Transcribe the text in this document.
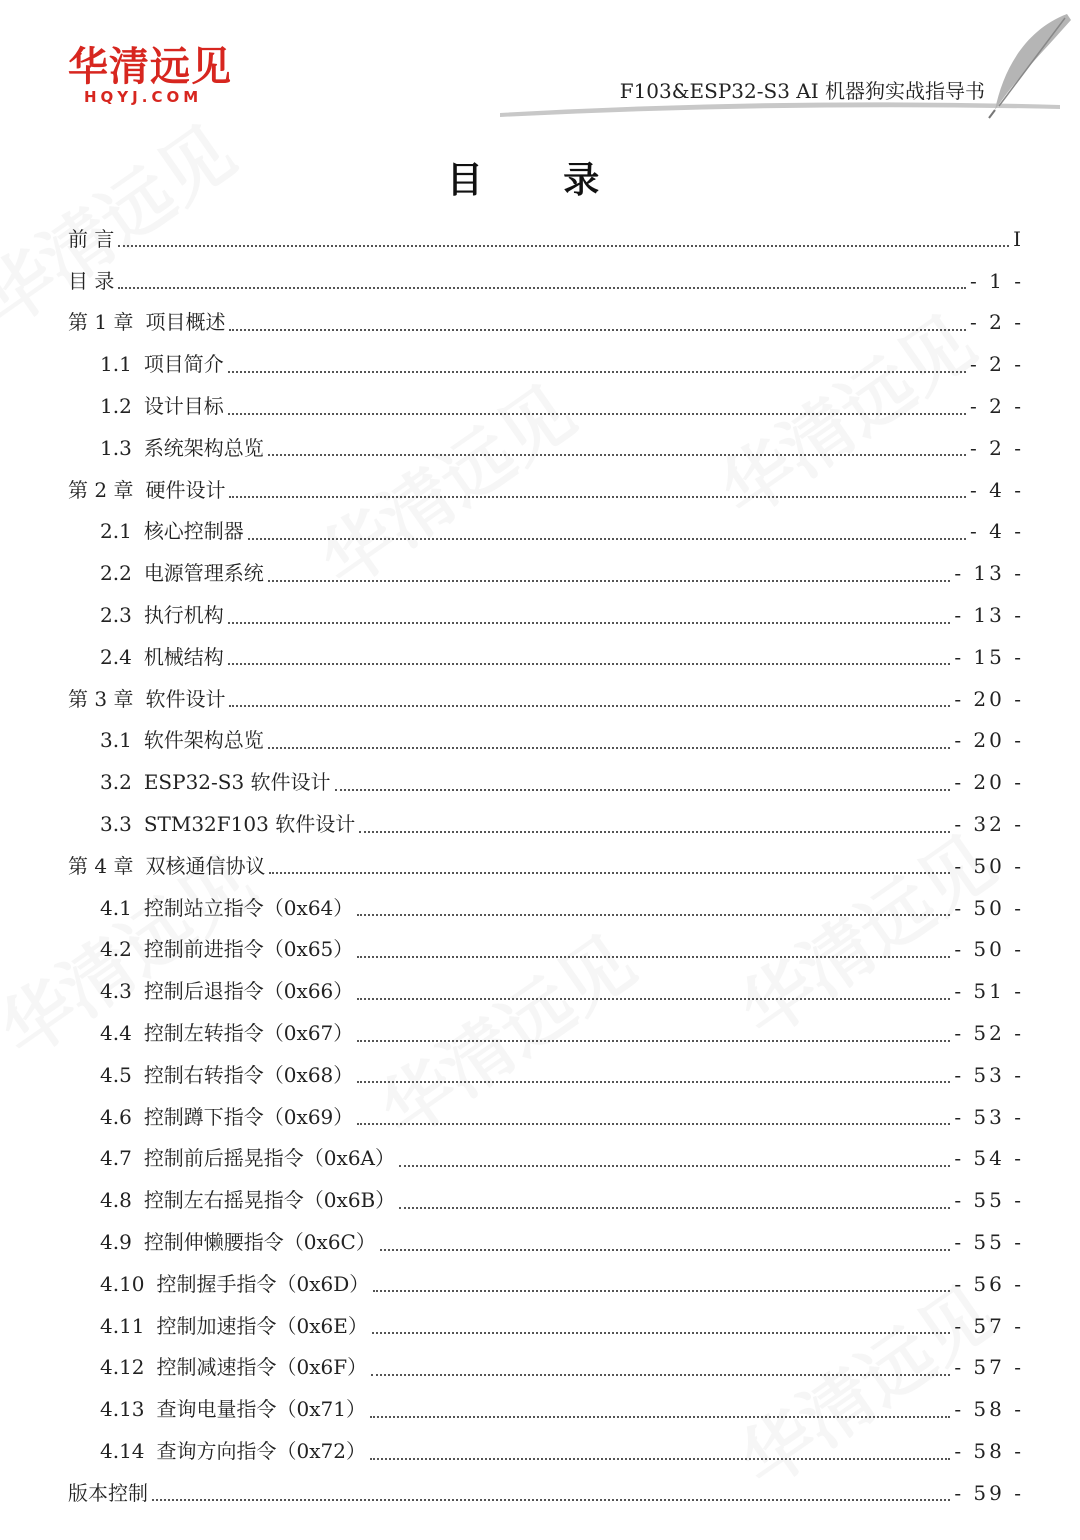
华清远见
HQYJ.COM	F103&ESP32-S3 AI 机器狗实战指导书
目 录
前 言	I
目 录	- 1 -
第 1 章 项目概述	- 2 -
1.1 项目简介	- 2 -
1.2 设计目标	- 2 -
1.3 系统架构总览	- 2 -
第 2 章 硬件设计	- 4 -
2.1 核心控制器	- 4 -
2.2 电源管理系统	- 13 -
2.3 执行机构	- 13 -
2.4 机械结构	- 15 -
第 3 章 软件设计	- 20 -
3.1 软件架构总览	- 20 -
3.2 ESP32-S3 软件设计	- 20 -
3.3 STM32F103 软件设计	- 32 -
第 4 章 双核通信协议	- 50 -
4.1 控制站立指令（0x64）	- 50 -
4.2 控制前进指令（0x65）	- 50 -
4.3 控制后退指令（0x66）	- 51 -
4.4 控制左转指令（0x67）	- 52 -
4.5 控制右转指令（0x68）	- 53 -
4.6 控制蹲下指令（0x69）	- 53 -
4.7 控制前后摇晃指令（0x6A）	- 54 -
4.8 控制左右摇晃指令（0x6B）	- 55 -
4.9 控制伸懒腰指令（0x6C）	- 55 -
4.10 控制握手指令（0x6D）	- 56 -
4.11 控制加速指令（0x6E）	- 57 -
4.12 控制减速指令（0x6F）	- 57 -
4.13 查询电量指令（0x71）	- 58 -
4.14 查询方向指令（0x72）	- 58 -
版本控制	- 59 -
